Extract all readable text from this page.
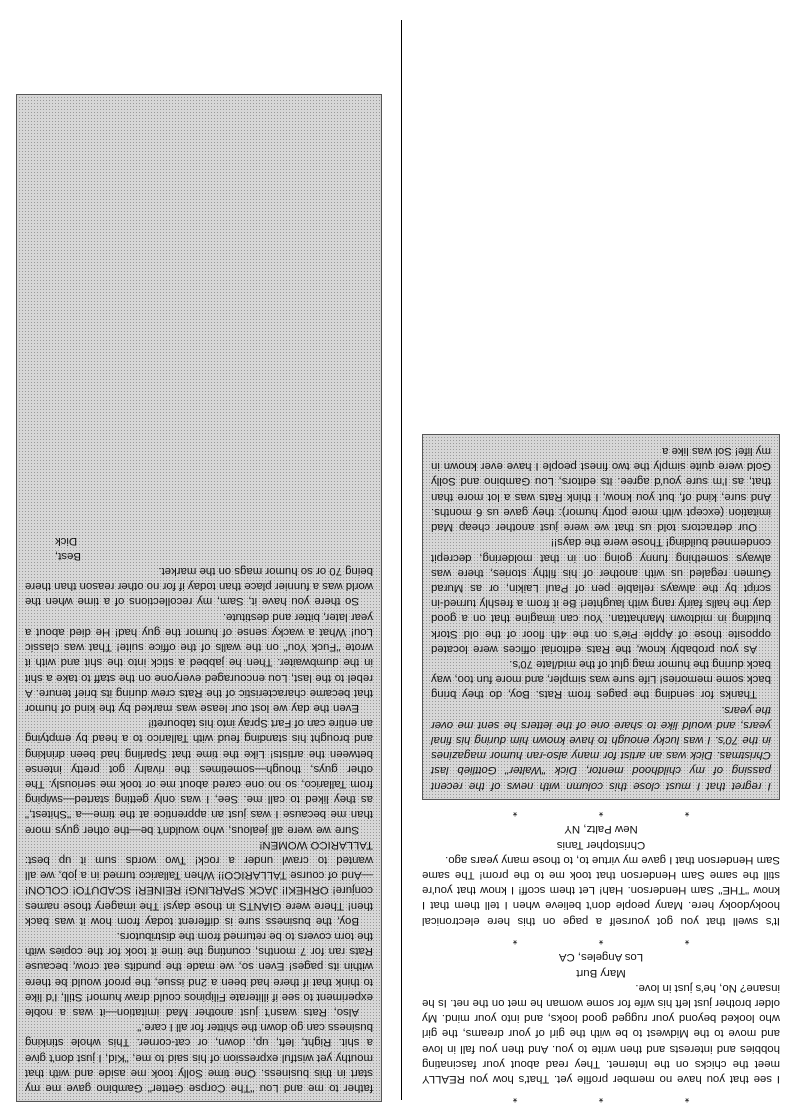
*
*
*

I see that you have no member profile yet. That's how you REALLY meet the chicks on the Internet. They read about your fascinating hobbies and interests and then write to you. And then you fall in love and move to the Midwest to be with the girl of your dreams, the girl who looked beyond your rugged good looks, and into your mind. My older brother just left his wife for some woman he met on the net. Is he insane? No, he's just in love.

Mary Burt
Los Angeles, CA
*
*
*

It's swell that you got yourself a page on this here electronical hookydooky here. Many people don't believe when I tell them that I know "THE" Sam Henderson. Hah! Let them scoff! I know that you're still the same Sam Henderson that took me to the prom! The same Sam Henderson that I gave my virtue to, to those many years ago.

Christopher Tanis
New Paltz, NY
*
*
*

I regret that I must close this column with news of the recent passing of my childhood mentor, Dick "Walter" Gottlieb last Christmas. Dick was an artist for many also-ran humor magazines in the 70's. I was lucky enough to have known him during his final years, and would like to share one of the letters he sent me over the years.

Thanks for sending the pages from Rats. Boy, do they bring back some memories! Life sure was simpler, and more fun too, way back during the humor mag glut of the mid/late 70's.

As you probably know, the Rats editorial offices were located opposite those of Apple Pie's on the 4th floor of the old Stork building in midtown Manhattan. You can imagine that on a good day the halls fairly rang with laughter! Be it from a freshly turned-in script by the always reliable pen of Paul Laikin, or as Murad Gumen regaled us with another of his filthy stories, there was always something funny going on in that moldering, decrepit condemned building! Those were the days!!

Our detractors told us that we were just another cheap Mad imitation (except with more potty humor): they gave us 6 months. And sure, kind of, but you know, I think Rats was a lot more than that, as I'm sure you'd agree. Its editors, Lou Gambino and Solly Gold were quite simply the two finest people I have ever known in my life! Sol was like a

father to me and Lou "The Corpse Getter" Gambino gave me my start in this business. One time Solly took me aside and with that mouthy yet wistful expression of his said to me, "Kid, I just don't give a shit. Right, left, up, down, or cat-corner. This whole stinking business can go down the shitter for all I care."

Also, Rats wasn't just another Mad imitation—it was a noble experiment to see if illiterate Filipinos could draw humor! Still, I'd like to think that if there had been a 2nd issue, the proof would be there within its pages! Even so, we made the pundits eat crow, because Rats ran for 7 months, counting the time it took for the copies with the torn covers to be returned from the distributors.

Boy, the business sure is different today from how it was back then! There were GIANTS in those days! The imagery those names conjure! ORHEKI! JACK SPARLING! REINER! SCADUTO! COLON!—And of course TALLARICO!! When Tallarico turned in a job, we all wanted to crawl under a rock! Two words sum it up best: TALLARICO WOMEN!

Sure we were all jealous, who wouldn't be—the other guys more than me because I was just an apprentice at the time—a "Shitest," as they liked to call me. See, I was only getting started—swiping from Tallarico, so no one cared about me or took me seriously. The other guys, though—sometimes the rivalry got pretty intense between the artists! Like the time that Sparling had been drinking and brought his standing feud with Tallarico to a head by emptying an entire can of Fart Spray into his taboureti!

Even the day we lost our lease was marked by the kind of humor that became characteristic of the Rats crew during its brief tenure. A rebel to the last, Lou encouraged everyone on the staff to take a shit in the dumbwaiter. Then he jabbed a stick into the shit and with it wrote "Fuck You" on the walls of the office suite! That was classic Lou! What a wacky sense of humor the guy had! He died about a year later, bitter and destitute.

So there you have it, Sam, my recollections of a time when the world was a funnier place than today if for no other reason than there being 70 or so humor mags on the market.

Best,

Dick
